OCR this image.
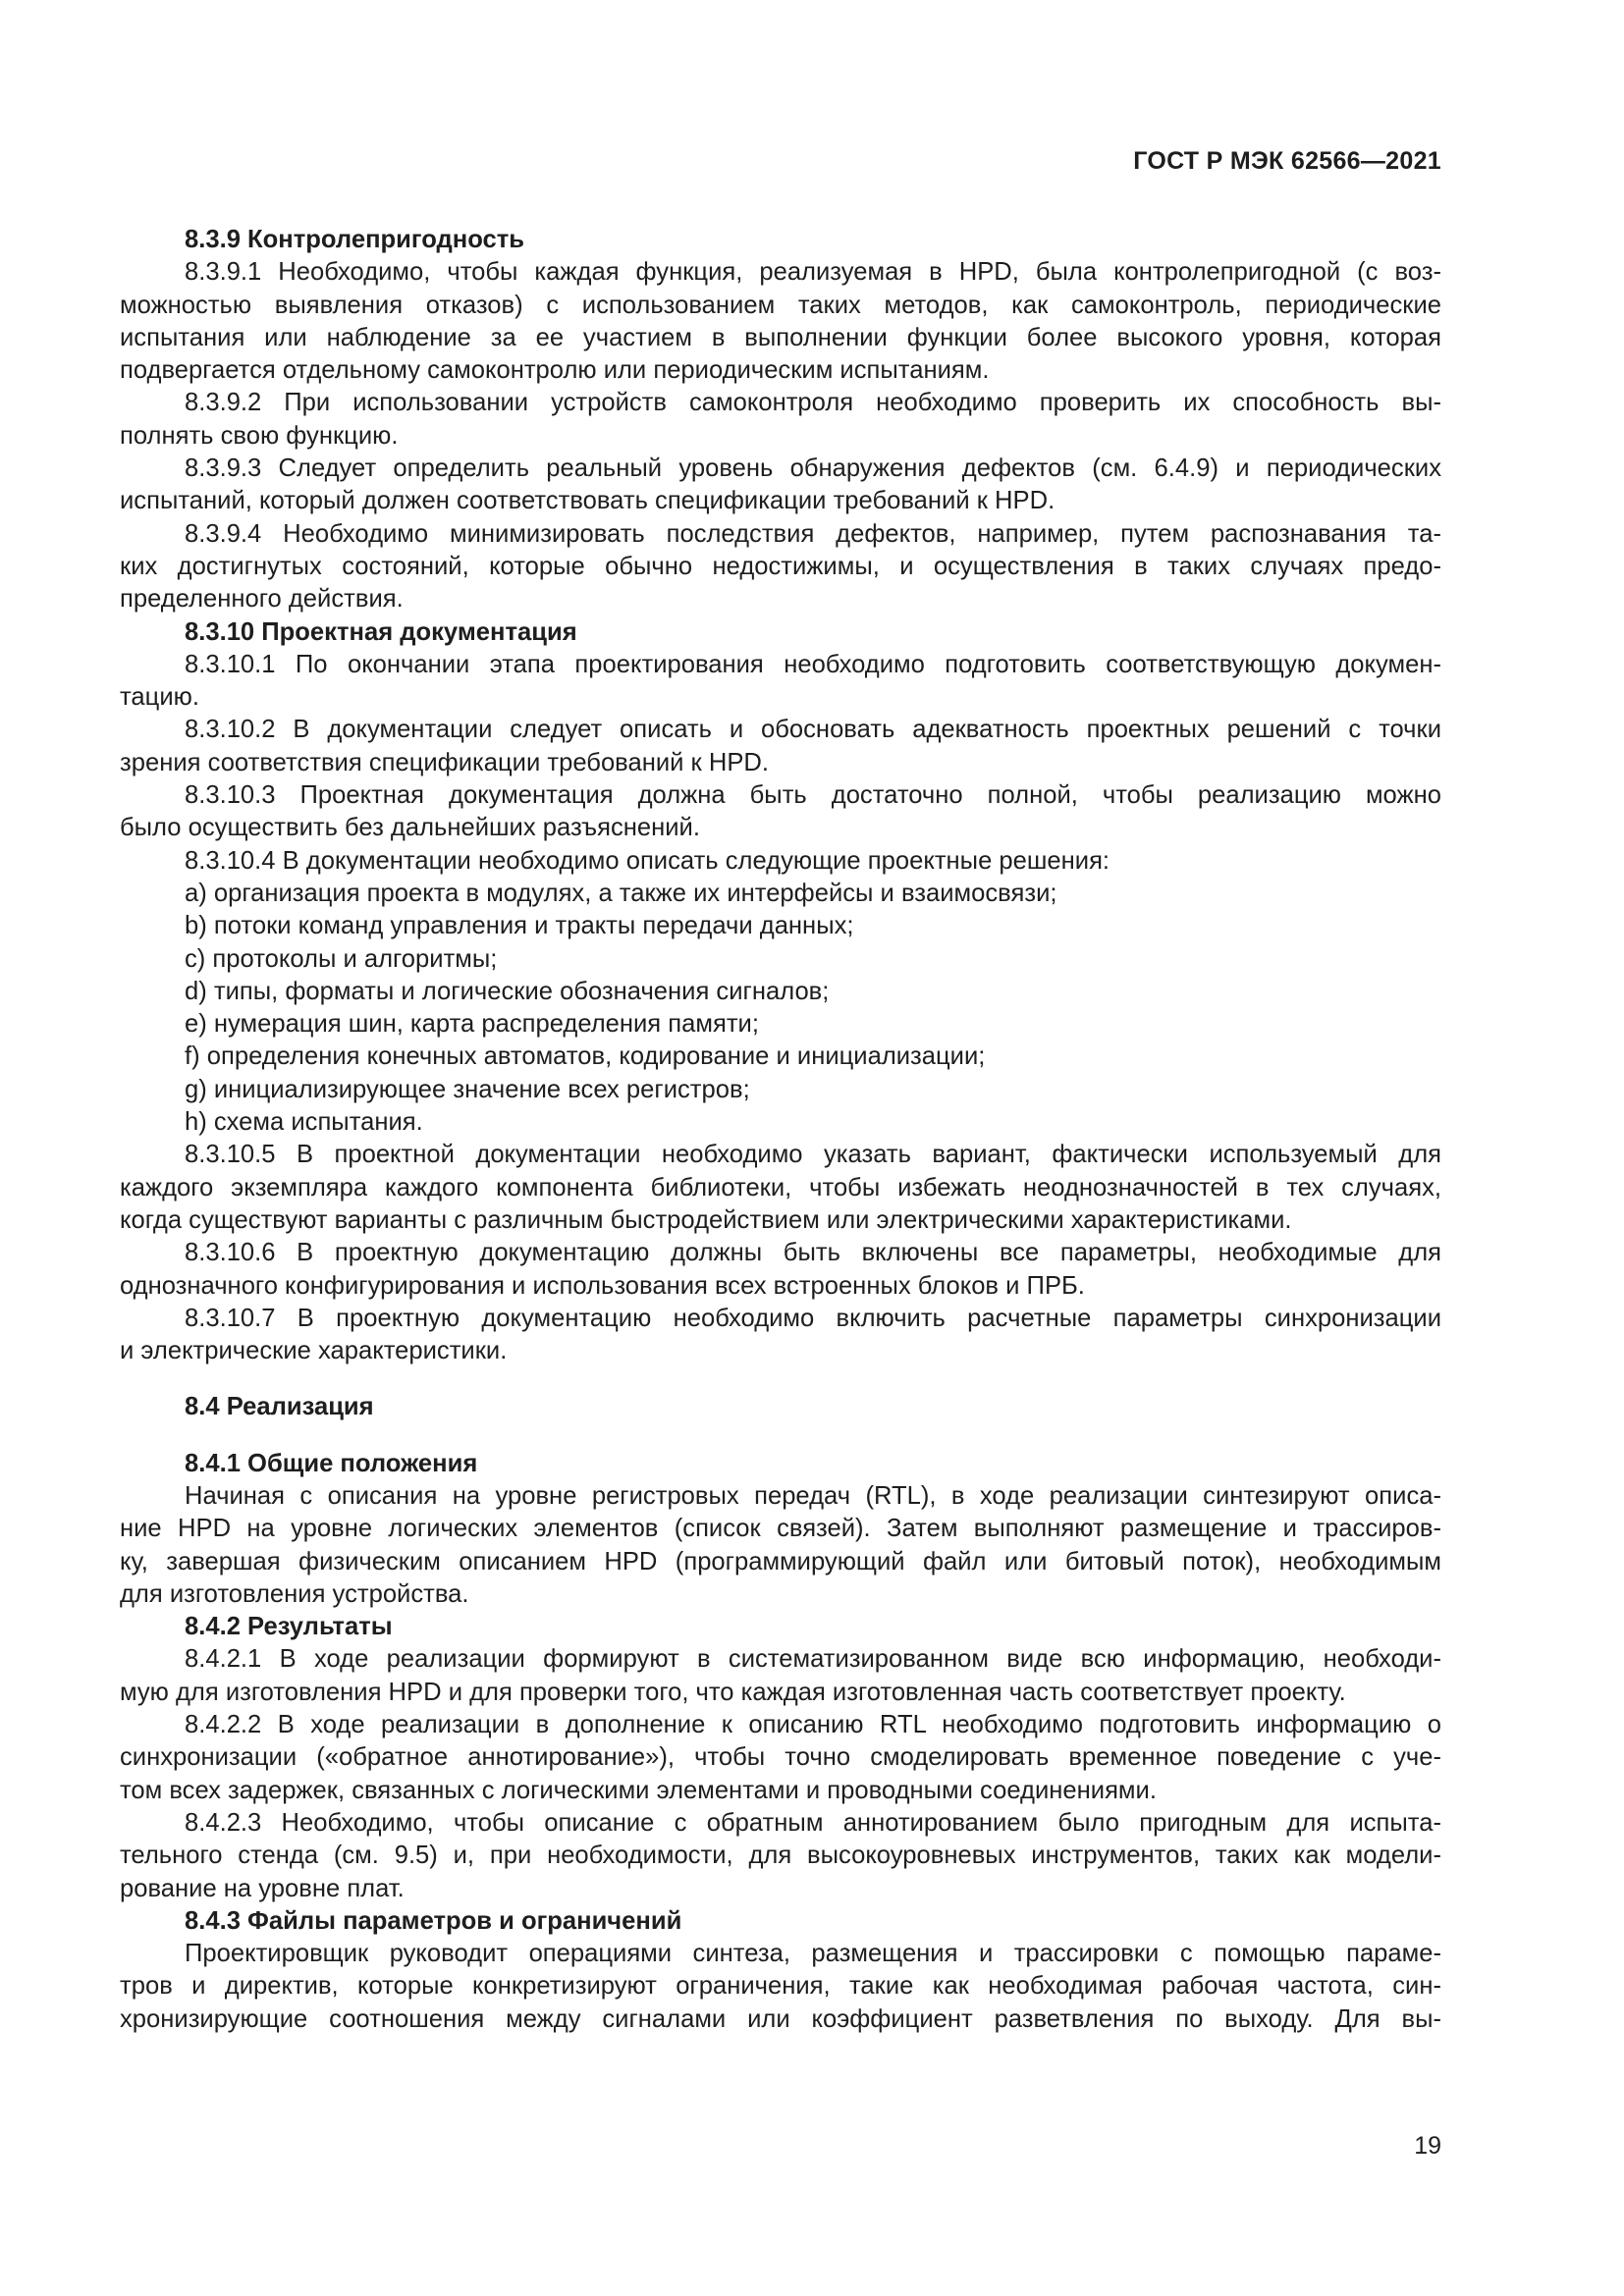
ГОСТ Р МЭК 62566—2021
8.3.9 Контролепригодность
8.3.9.1 Необходимо, чтобы каждая функция, реализуемая в HPD, была контролепригодной (с воз-
можностью выявления отказов) с использованием таких методов, как самоконтроль, периодические
испытания или наблюдение за ее участием в выполнении функции более высокого уровня, которая
подвергается отдельному самоконтролю или периодическим испытаниям.
8.3.9.2 При использовании устройств самоконтроля необходимо проверить их способность вы-
полнять свою функцию.
8.3.9.3 Следует определить реальный уровень обнаружения дефектов (см. 6.4.9) и периодических
испытаний, который должен соответствовать спецификации требований к HPD.
8.3.9.4 Необходимо минимизировать последствия дефектов, например, путем распознавания та-
ких достигнутых состояний, которые обычно недостижимы, и осуществления в таких случаях предо-
пределенного действия.
8.3.10 Проектная документация
8.3.10.1 По окончании этапа проектирования необходимо подготовить соответствующую докумен-
тацию.
8.3.10.2 В документации следует описать и обосновать адекватность проектных решений с точки
зрения соответствия спецификации требований к HPD.
8.3.10.3 Проектная документация должна быть достаточно полной, чтобы реализацию можно
было осуществить без дальнейших разъяснений.
8.3.10.4 В документации необходимо описать следующие проектные решения:
a) организация проекта в модулях, а также их интерфейсы и взаимосвязи;
b) потоки команд управления и тракты передачи данных;
c) протоколы и алгоритмы;
d) типы, форматы и логические обозначения сигналов;
e) нумерация шин, карта распределения памяти;
f) определения конечных автоматов, кодирование и инициализации;
g) инициализирующее значение всех регистров;
h) схема испытания.
8.3.10.5 В проектной документации необходимо указать вариант, фактически используемый для
каждого экземпляра каждого компонента библиотеки, чтобы избежать неоднозначностей в тех случаях,
когда существуют варианты с различным быстродействием или электрическими характеристиками.
8.3.10.6 В проектную документацию должны быть включены все параметры, необходимые для
однозначного конфигурирования и использования всех встроенных блоков и ПРБ.
8.3.10.7 В проектную документацию необходимо включить расчетные параметры синхронизации
и электрические характеристики.
8.4 Реализация
8.4.1 Общие положения
Начиная с описания на уровне регистровых передач (RTL), в ходе реализации синтезируют описа-
ние HPD на уровне логических элементов (список связей). Затем выполняют размещение и трассиров-
ку, завершая физическим описанием HPD (программирующий файл или битовый поток), необходимым
для изготовления устройства.
8.4.2 Результаты
8.4.2.1 В ходе реализации формируют в систематизированном виде всю информацию, необходи-
мую для изготовления HPD и для проверки того, что каждая изготовленная часть соответствует проекту.
8.4.2.2 В ходе реализации в дополнение к описанию RTL необходимо подготовить информацию о
синхронизации («обратное аннотирование»), чтобы точно смоделировать временное поведение с уче-
том всех задержек, связанных с логическими элементами и проводными соединениями.
8.4.2.3 Необходимо, чтобы описание с обратным аннотированием было пригодным для испыта-
тельного стенда (см. 9.5) и, при необходимости, для высокоуровневых инструментов, таких как модели-
рование на уровне плат.
8.4.3 Файлы параметров и ограничений
Проектировщик руководит операциями синтеза, размещения и трассировки с помощью параме-
тров и директив, которые конкретизируют ограничения, такие как необходимая рабочая частота, син-
хронизирующие соотношения между сигналами или коэффициент разветвления по выходу. Для вы-
19
